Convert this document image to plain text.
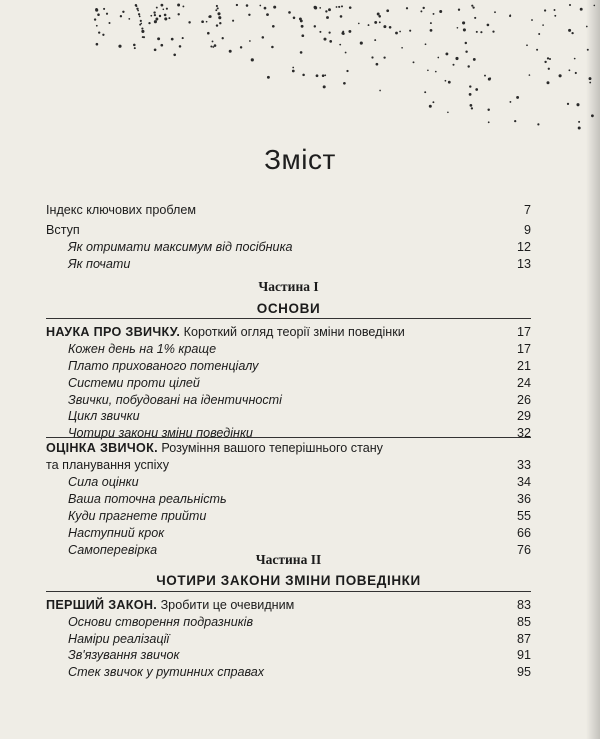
Зміст
Індекс ключових проблем	7
Вступ	9
Як отримати максимум від посібника	12
Як почати	13
Частина I
ОСНОВИ
НАУКА ПРО ЗВИЧКУ. Короткий огляд теорії зміни поведінки	17
Кожен день на 1% краще	17
Плато прихованого потенціалу	21
Системи проти цілей	24
Звички, побудовані на ідентичності	26
Цикл звички	29
Чотири закони зміни поведінки	32
ОЦІНКА ЗВИЧОК. Розуміння вашого теперішнього стану
та планування успіху	33
Сила оцінки	34
Ваша поточна реальність	36
Куди прагнете прийти	55
Наступний крок	66
Самоперевірка	76
Частина II
ЧОТИРИ ЗАКОНИ ЗМІНИ ПОВЕДІНКИ
ПЕРШИЙ ЗАКОН. Зробити це очевидним	83
Основи створення подразників	85
Наміри реалізації	87
Зв'язування звичок	91
Стек звичок у рутинних справах	95
